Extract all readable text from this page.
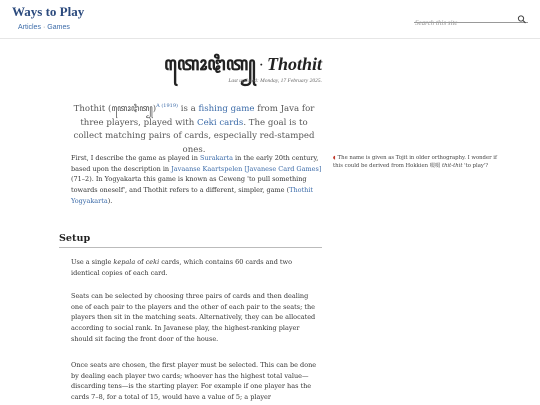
Ways to Play
Articles · Games
Search this site
ꦠꦺꦴꦛꦶꦠ꧀ · Thothit
Last updated: Monday, 17 February 2025.

Thothit (ꦠꦺꦴꦛꦶꦠ꧀)$^{A (1919)}$ is a fishing game from Java for three players, played with Ceki cards. The goal is to collect matching pairs of cards, especially red-stamped ones.

First, I describe the game as played in Surakarta in the early 20th century, based upon the description in Javaanse Kaartspelen [Javanese Card Games] (71–2). In Yogyakarta this game is known as Ceweng 'to pull something towards oneself', and Thothit refers to a different, simpler, game (Thothit Yogyakarta).

◖ The name is given as Tojit in older orthography. I wonder if this could be derived from Hokkien 啜啜 thit-thit 'to play'?

Setup

Use a single kepala of ceki cards, which contains 60 cards and two identical copies of each card.

Seats can be selected by choosing three pairs of cards and then dealing one of each pair to the players and the other of each pair to the seats; the players then sit in the matching seats. Alternatively, they can be allocated according to social rank. In Javanese play, the highest-ranking player should sit facing the front door of the house.

Once seats are chosen, the first player must be selected. This can be done by dealing each player two cards; whoever has the highest total value—discarding tens—is the starting player. For example if one player has the cards 7–8, for a total of 15, would have a value of 5; a player
